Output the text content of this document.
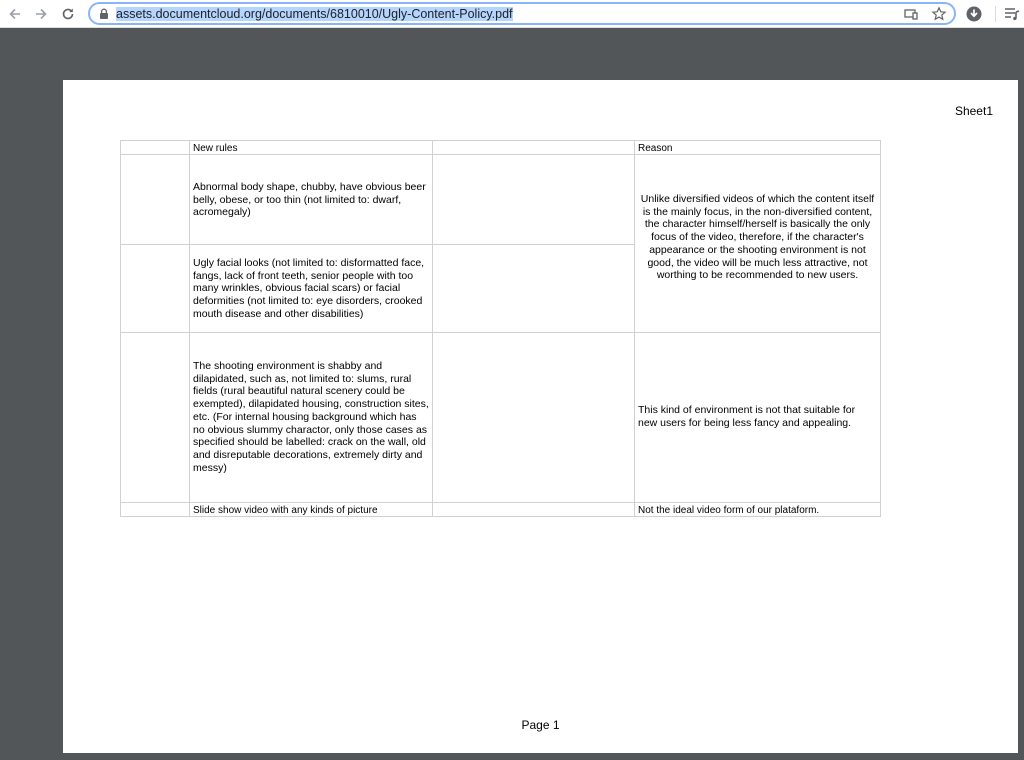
assets.documentcloud.org/documents/6810010/Ugly-Content-Policy.pdf
Sheet1
New rules	Reason
Abnormal body shape, chubby, have obvious beer belly, obese, or too thin (not limited to: dwarf, acromegaly)
Ugly facial looks (not limited to: disformatted face, fangs, lack of front teeth, senior people with too many wrinkles, obvious facial scars) or facial deformities (not limited to: eye disorders, crooked mouth disease and other disabilities)
Unlike diversified videos of which the content itself is the mainly focus, in the non-diversified content, the character himself/herself is basically the only focus of the video, therefore, if the character's appearance or the shooting environment is not good, the video will be much less attractive, not worthing to be recommended to new users.
The shooting environment is shabby and dilapidated, such as, not limited to: slums, rural fields (rural beautiful natural scenery could be exempted), dilapidated housing, construction sites, etc. (For internal housing background which has no obvious slummy charactor, only those cases as specified should be labelled: crack on the wall, old and disreputable decorations, extremely dirty and messy)
This kind of environment is not that suitable for new users for being less fancy and appealing.
Slide show video with any kinds of picture	Not the ideal video form of our plataform.
Page 1
